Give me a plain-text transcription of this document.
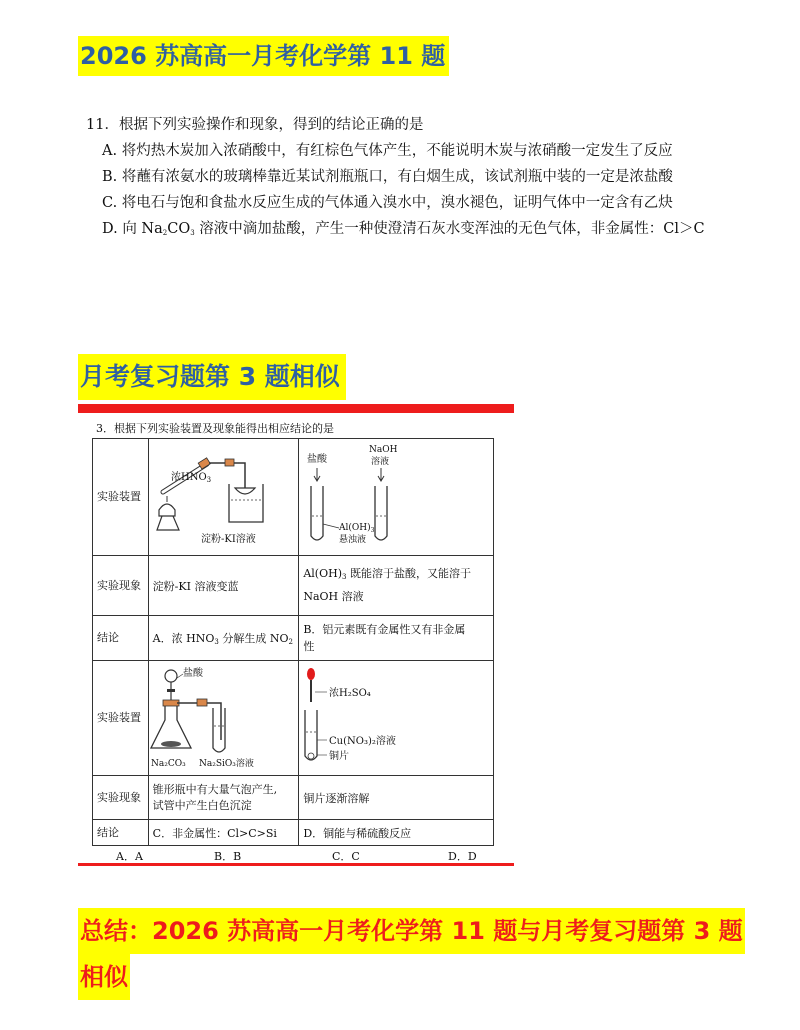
2026 苏高高一月考化学第 11 题
11．根据下列实验操作和现象，得到的结论正确的是
A. 将灼热木炭加入浓硝酸中，有红棕色气体产生，不能说明木炭与浓硝酸一定发生了反应
B. 将蘸有浓氨水的玻璃棒靠近某试剂瓶瓶口，有白烟生成，该试剂瓶中装的一定是浓盐酸
C. 将电石与饱和食盐水反应生成的气体通入溴水中，溴水褪色，证明气体中一定含有乙炔
D. 向 $Na_2CO_3$ 溶液中滴加盐酸，产生一种使澄清石灰水变浑浊的无色气体，非金属性：Cl＞C
月考复习题第 3 题相似
3．根据下列实验装置及现象能得出相应结论的是
实验装置	浓$HNO_3$
淀粉-KI溶液	盐酸
NaOH
溶液
$Al(OH)_3$
悬浊液

实验现象	淀粉-KI 溶液变蓝	$Al(OH)_3$ 既能溶于盐酸，又能溶于
NaOH 溶液

结论	A．浓 $HNO_3$ 分解生成 $NO_2$	B．铝元素既有金属性又有非金属
性

实验装置	盐酸
Na₂CO₃ Na₂SiO₃溶液	浓H₂SO₄
Cu(NO₃)₂溶液
铜片

实验现象	锥形瓶中有大量气泡产生,
试管中产生白色沉淀	铜片逐渐溶解
结论	C．非金属性：Cl>C>Si	D．铜能与稀硫酸反应
A．A	B．B	C．C	D．D
总结：2026 苏高高一月考化学第 11 题与月考复习题第 3 题
相似
